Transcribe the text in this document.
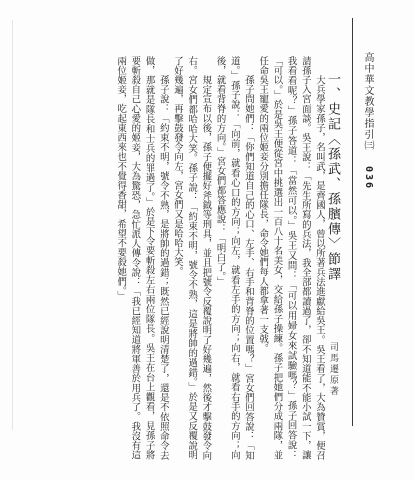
高中華文教學指引㈢
036
一、史記〈孫武、孫臏傳〉節譯
司馬遷原著

大兵學家孫子，名叫武，是齊國人，曾以所著兵法進獻給吳王。吳王看了，大為贊賞，便召請孫子入宮面談。吳王說：「先生所寫的兵法，我全部都讀過了，卻不知道能不能小試一下，讓我看看呢？」孫子答道：「當然可以。」吳王又問：「可以用婦女來試驗嗎？」孫子回答說：「可以。」於是吳王便從宮中挑選出一百八十名美女，交給孫子操練。孫子把她們分成兩隊，並任命吳王寵愛的兩位姬妾分別擔任隊長，命令她們每人都拿著一支戟。

孫子問她們：「你們知道自己的心口、左手、右手和背脊的位置嗎？」宮女們回答說：「知道。」孫子說：「向前，就看心口的方向；向左，就看左手的方向；向右，就看右手的方向；向後，就看背脊的方向。」宮女們都答應說：「明白了。」

規定宣布以後，孫子便擺好斧鉞等刑具，並且把號令反覆說明了好幾遍，然後才擊鼓發令向右。宮女們都哈哈大笑。孫子說：「約束不明，號令不熟，這是將帥的過錯。」於是又反覆說明了好幾遍，再擊鼓發令向左，宮女們又是哈哈大笑。

孫子說：「約束不明，號令不熟，是將帥的過錯；既然已經說明清楚了，還是不依照命令去做，那就是隊長和士兵的罪過了。」於是下令要斬殺左右兩位隊長。吳王在台上觀看，見孫子將要斬殺自己心愛的姬妾，大為驚恐，急忙派人傳令說：「我已經知道將軍善於用兵了。我沒有這兩位姬妾，吃起東西來也不覺得香甜，希望不要殺她們。」
